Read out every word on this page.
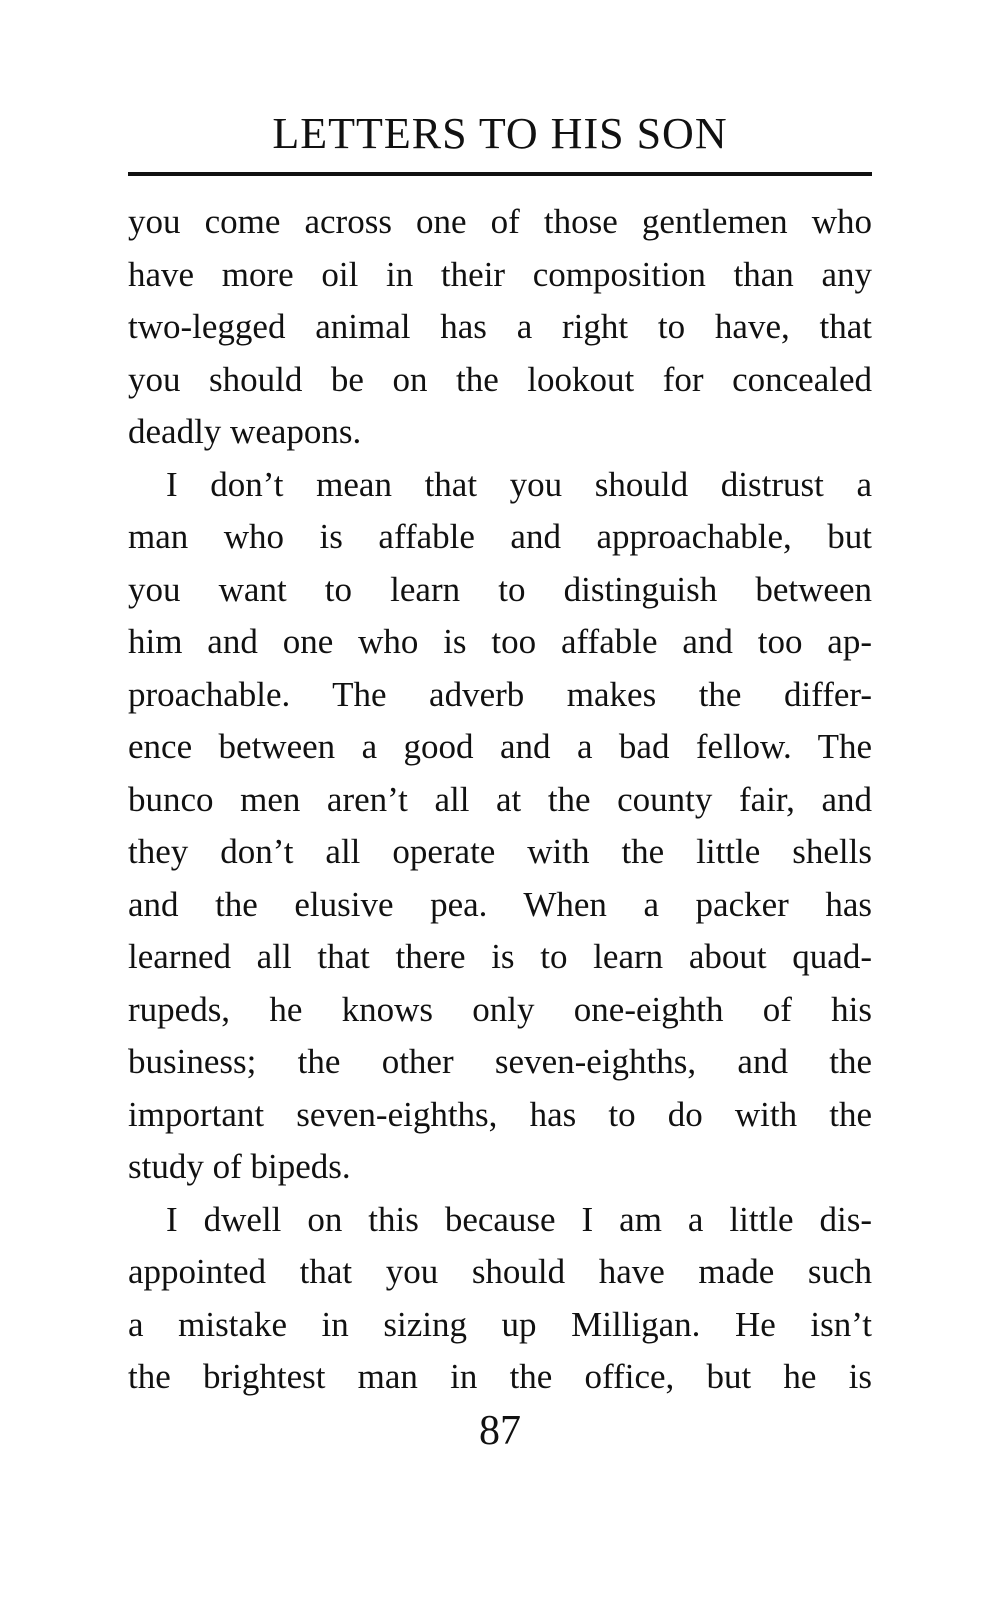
LETTERS TO HIS SON
you come across one of those gentlemen who
have more oil in their composition than any
two-legged animal has a right to have, that
you should be on the lookout for concealed
deadly weapons.
I don’t mean that you should distrust a
man who is affable and approachable, but
you want to learn to distinguish between
him and one who is too affable and too ap-
proachable. The adverb makes the differ-
ence between a good and a bad fellow. The
bunco men aren’t all at the county fair, and
they don’t all operate with the little shells
and the elusive pea. When a packer has
learned all that there is to learn about quad-
rupeds, he knows only one-eighth of his
business; the other seven-eighths, and the
important seven-eighths, has to do with the
study of bipeds.
I dwell on this because I am a little dis-
appointed that you should have made such
a mistake in sizing up Milligan. He isn’t
the brightest man in the office, but he is
87
